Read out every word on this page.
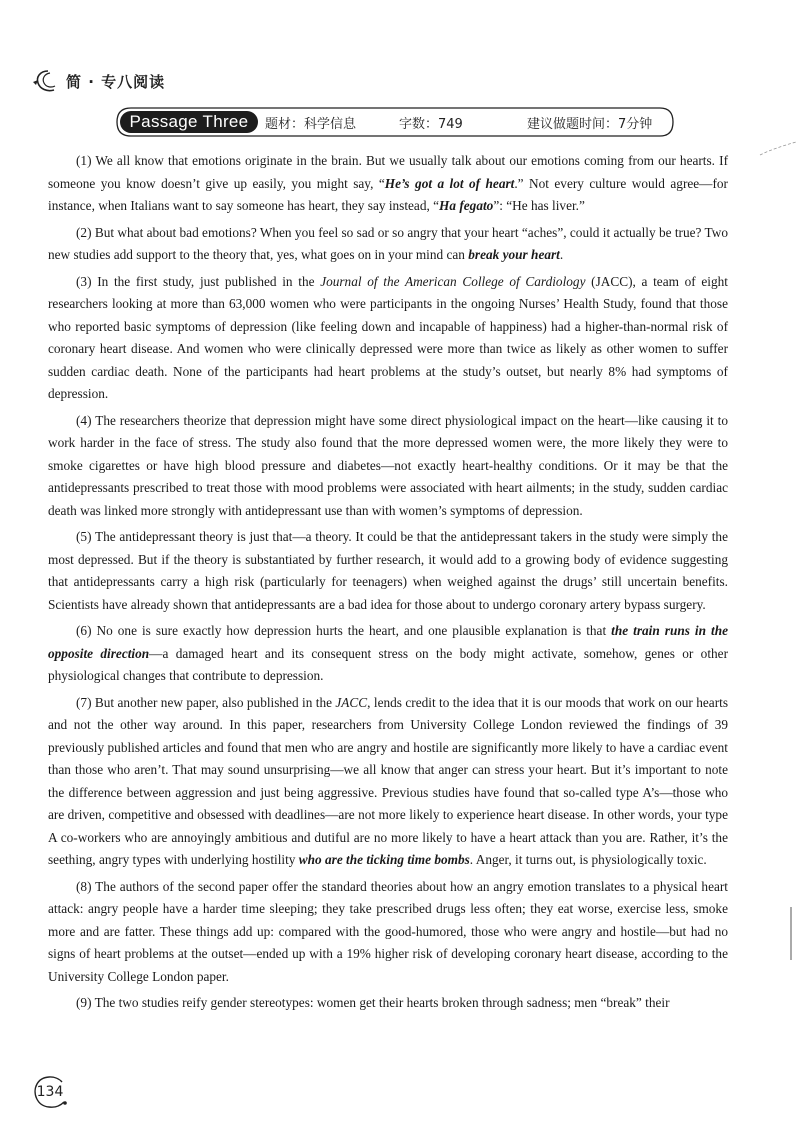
简 · 专八阅读
Passage Three	题材：科学信息	字数：749	建议做题时间：7分钟

(1) We all know that emotions originate in the brain. But we usually talk about our emotions coming from our hearts. If someone you know doesn’t give up easily, you might say, “He’s got a lot of heart.” Not every culture would agree—for instance, when Italians want to say someone has heart, they say instead, “Ha fegato”: “He has liver.”

(2) But what about bad emotions? When you feel so sad or so angry that your heart “aches”, could it actually be true? Two new studies add support to the theory that, yes, what goes on in your mind can break your heart.

(3) In the first study, just published in the Journal of the American College of Cardiology (JACC), a team of eight researchers looking at more than 63,000 women who were participants in the ongoing Nurses’ Health Study, found that those who reported basic symptoms of depression (like feeling down and incapable of happiness) had a higher-than-normal risk of coronary heart disease. And women who were clinically depressed were more than twice as likely as other women to suffer sudden cardiac death. None of the participants had heart problems at the study’s outset, but nearly 8% had symptoms of depression.

(4) The researchers theorize that depression might have some direct physiological impact on the heart—like causing it to work harder in the face of stress. The study also found that the more depressed women were, the more likely they were to smoke cigarettes or have high blood pressure and diabetes—not exactly heart-healthy conditions. Or it may be that the antidepressants prescribed to treat those with mood problems were associated with heart ailments; in the study, sudden cardiac death was linked more strongly with antidepressant use than with women’s symptoms of depression.

(5) The antidepressant theory is just that—a theory. It could be that the antidepressant takers in the study were simply the most depressed. But if the theory is substantiated by further research, it would add to a growing body of evidence suggesting that antidepressants carry a high risk (particularly for teenagers) when weighed against the drugs’ still uncertain benefits. Scientists have already shown that antidepressants are a bad idea for those about to undergo coronary artery bypass surgery.

(6) No one is sure exactly how depression hurts the heart, and one plausible explanation is that the train runs in the opposite direction—a damaged heart and its consequent stress on the body might activate, somehow, genes or other physiological changes that contribute to depression.

(7) But another new paper, also published in the JACC, lends credit to the idea that it is our moods that work on our hearts and not the other way around. In this paper, researchers from University College London reviewed the findings of 39 previously published articles and found that men who are angry and hostile are significantly more likely to have a cardiac event than those who aren’t. That may sound unsurprising—we all know that anger can stress your heart. But it’s important to note the difference between aggression and just being aggressive. Previous studies have found that so-called type A’s—those who are driven, competitive and obsessed with deadlines—are not more likely to experience heart disease. In other words, your type A co-workers who are annoyingly ambitious and dutiful are no more likely to have a heart attack than you are. Rather, it’s the seething, angry types with underlying hostility who are the ticking time bombs. Anger, it turns out, is physiologically toxic.

(8) The authors of the second paper offer the standard theories about how an angry emotion translates to a physical heart attack: angry people have a harder time sleeping; they take prescribed drugs less often; they eat worse, exercise less, smoke more and are fatter. These things add up: compared with the good-humored, those who were angry and hostile—but had no signs of heart problems at the outset—ended up with a 19% higher risk of developing coronary heart disease, according to the University College London paper.

(9) The two studies reify gender stereotypes: women get their hearts broken through sadness; men “break” their

134
